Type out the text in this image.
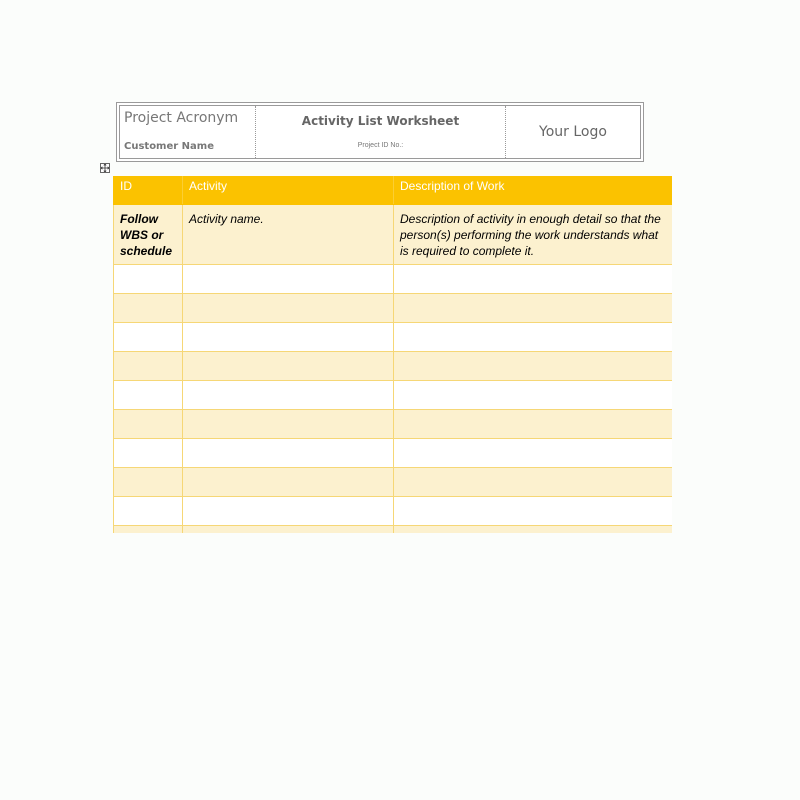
Project Acronym
Customer Name
Activity List Worksheet
Project ID No.:
Your Logo
ID	Activity	Description of Work
Follow WBS or schedule	Activity name.	Description of activity in enough detail so that the person(s) performing the work understands what is required to complete it.
